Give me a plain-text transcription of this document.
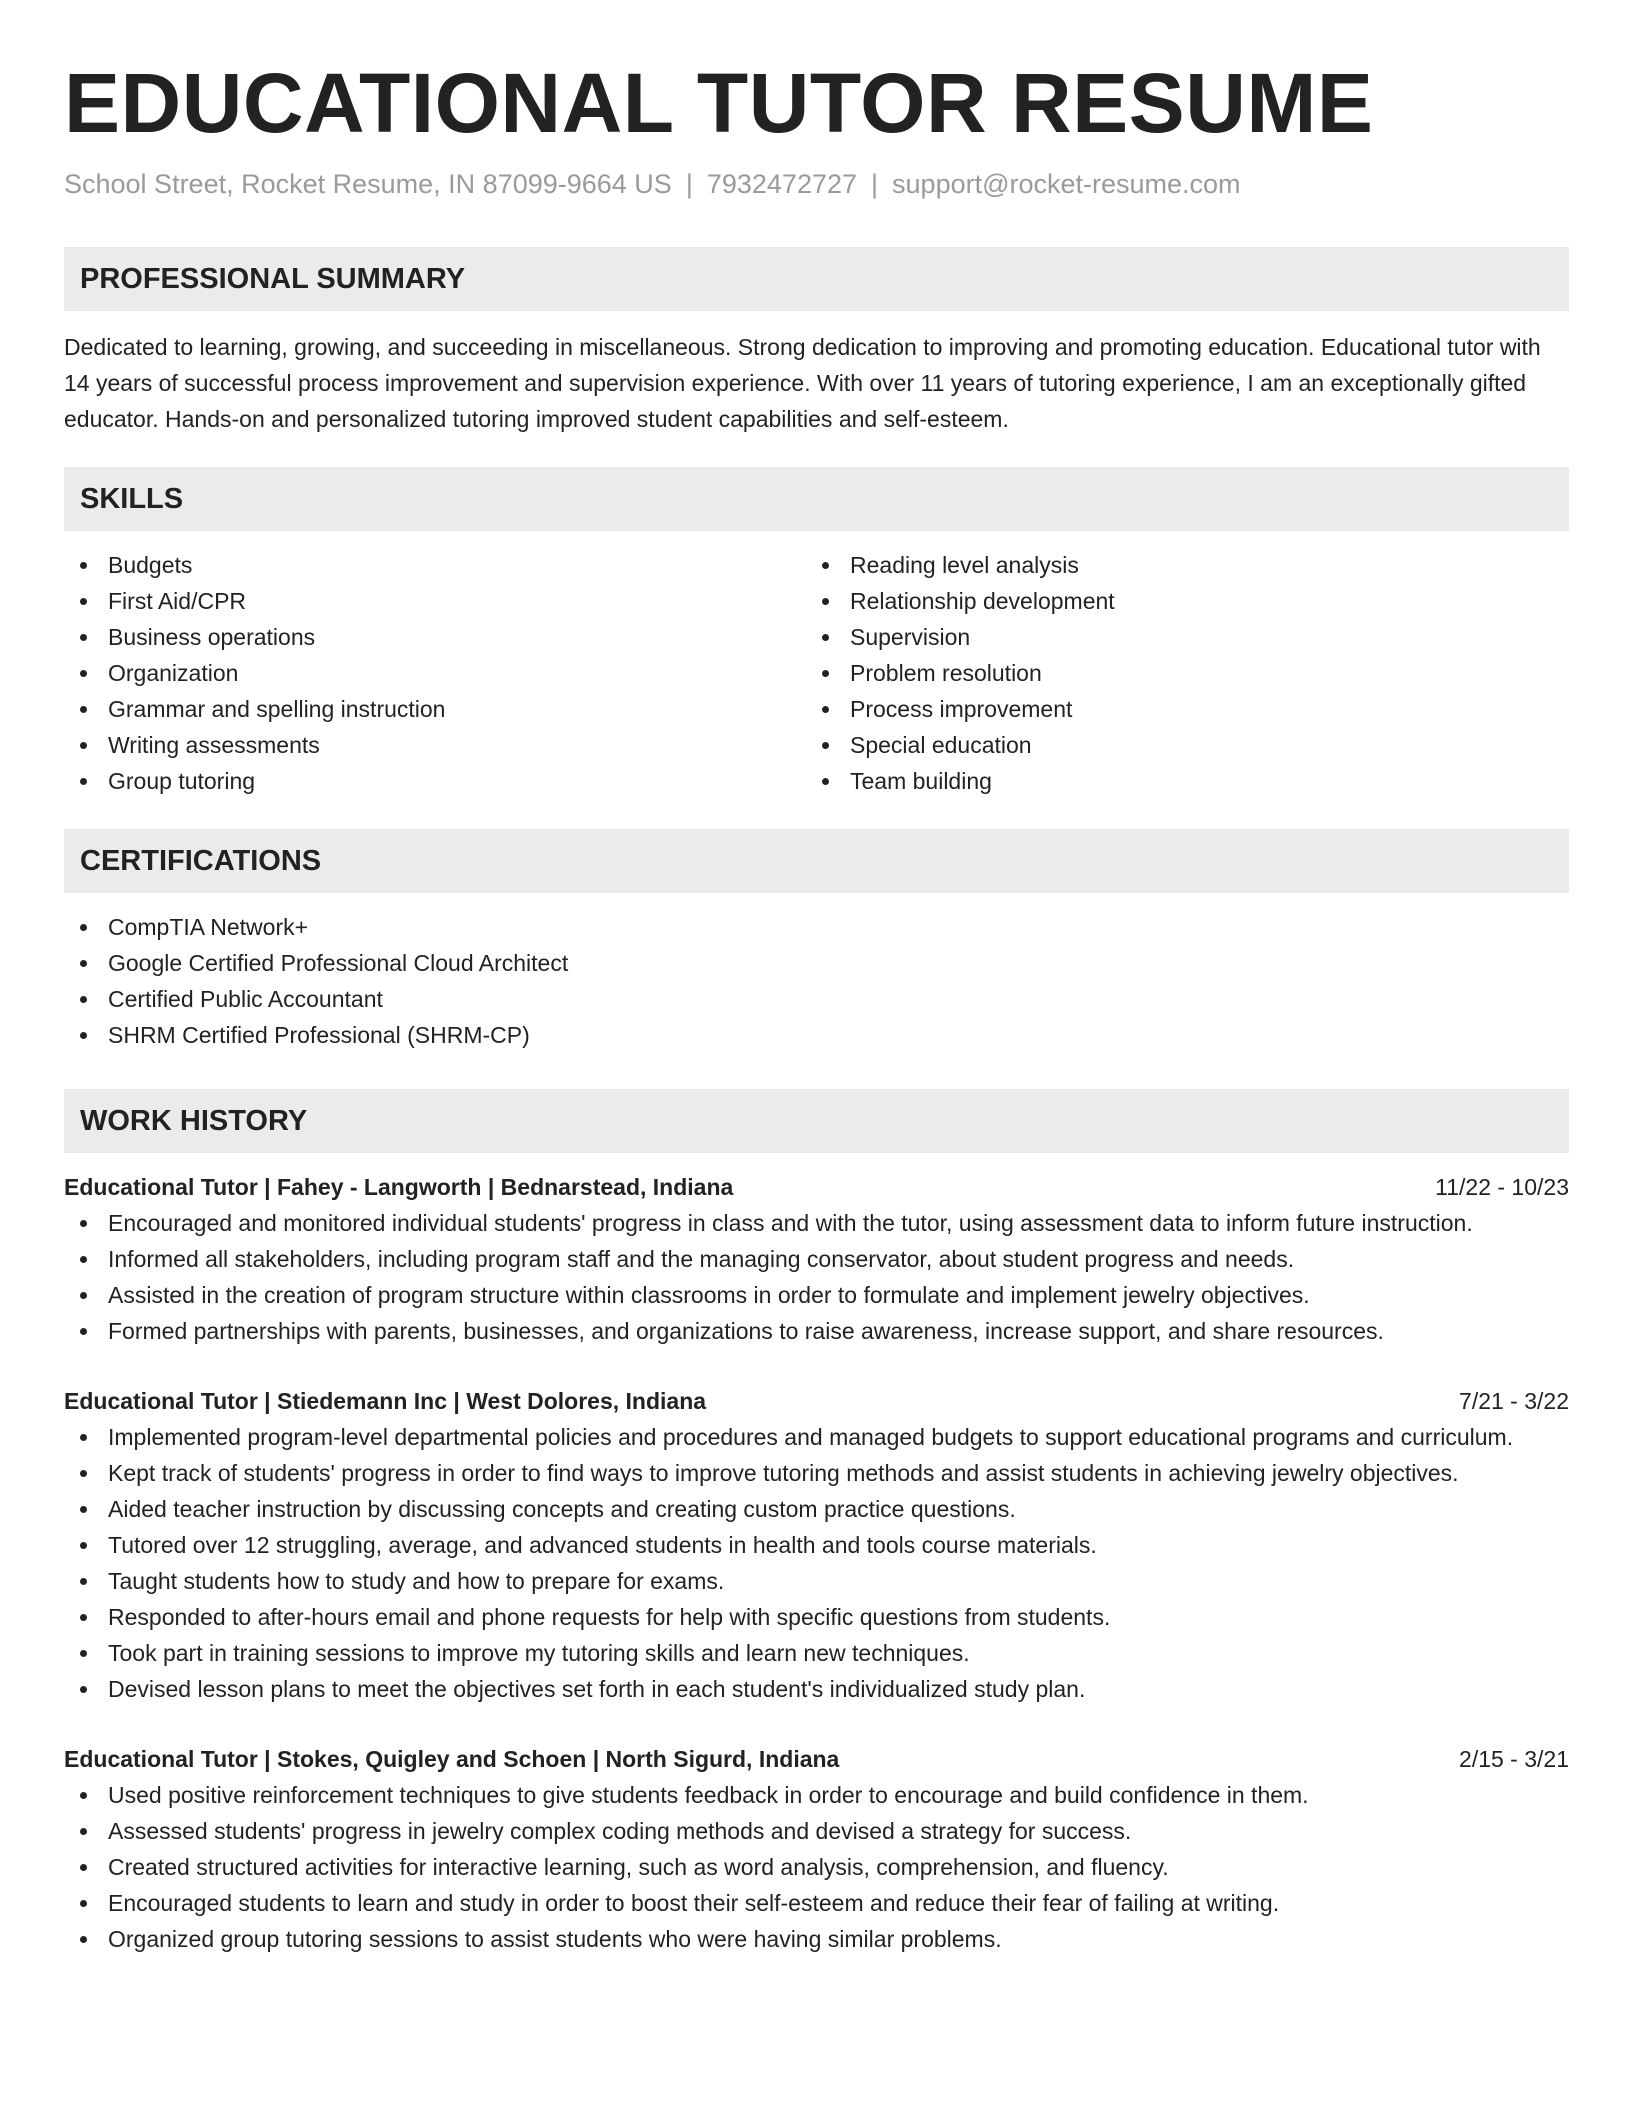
EDUCATIONAL TUTOR RESUME
School Street, Rocket Resume, IN 87099-9664 US | 7932472727 | support@rocket-resume.com
PROFESSIONAL SUMMARY

Dedicated to learning, growing, and succeeding in miscellaneous. Strong dedication to improving and promoting education. Educational tutor with 14 years of successful process improvement and supervision experience. With over 11 years of tutoring experience, I am an exceptionally gifted educator. Hands-on and personalized tutoring improved student capabilities and self-esteem.

SKILLS
Budgets
First Aid/CPR
Business operations
Organization
Grammar and spelling instruction
Writing assessments
Group tutoring
Reading level analysis
Relationship development
Supervision
Problem resolution
Process improvement
Special education
Team building
CERTIFICATIONS
CompTIA Network+
Google Certified Professional Cloud Architect
Certified Public Accountant
SHRM Certified Professional (SHRM-CP)
WORK HISTORY
Educational Tutor | Fahey - Langworth | Bednarstead, Indiana	11/22 - 10/23
Encouraged and monitored individual students' progress in class and with the tutor, using assessment data to inform future instruction.
Informed all stakeholders, including program staff and the managing conservator, about student progress and needs.
Assisted in the creation of program structure within classrooms in order to formulate and implement jewelry objectives.
Formed partnerships with parents, businesses, and organizations to raise awareness, increase support, and share resources.
Educational Tutor | Stiedemann Inc | West Dolores, Indiana	7/21 - 3/22
Implemented program-level departmental policies and procedures and managed budgets to support educational programs and curriculum.
Kept track of students' progress in order to find ways to improve tutoring methods and assist students in achieving jewelry objectives.
Aided teacher instruction by discussing concepts and creating custom practice questions.
Tutored over 12 struggling, average, and advanced students in health and tools course materials.
Taught students how to study and how to prepare for exams.
Responded to after-hours email and phone requests for help with specific questions from students.
Took part in training sessions to improve my tutoring skills and learn new techniques.
Devised lesson plans to meet the objectives set forth in each student's individualized study plan.
Educational Tutor | Stokes, Quigley and Schoen | North Sigurd, Indiana	2/15 - 3/21
Used positive reinforcement techniques to give students feedback in order to encourage and build confidence in them.
Assessed students' progress in jewelry complex coding methods and devised a strategy for success.
Created structured activities for interactive learning, such as word analysis, comprehension, and fluency.
Encouraged students to learn and study in order to boost their self-esteem and reduce their fear of failing at writing.
Organized group tutoring sessions to assist students who were having similar problems.
